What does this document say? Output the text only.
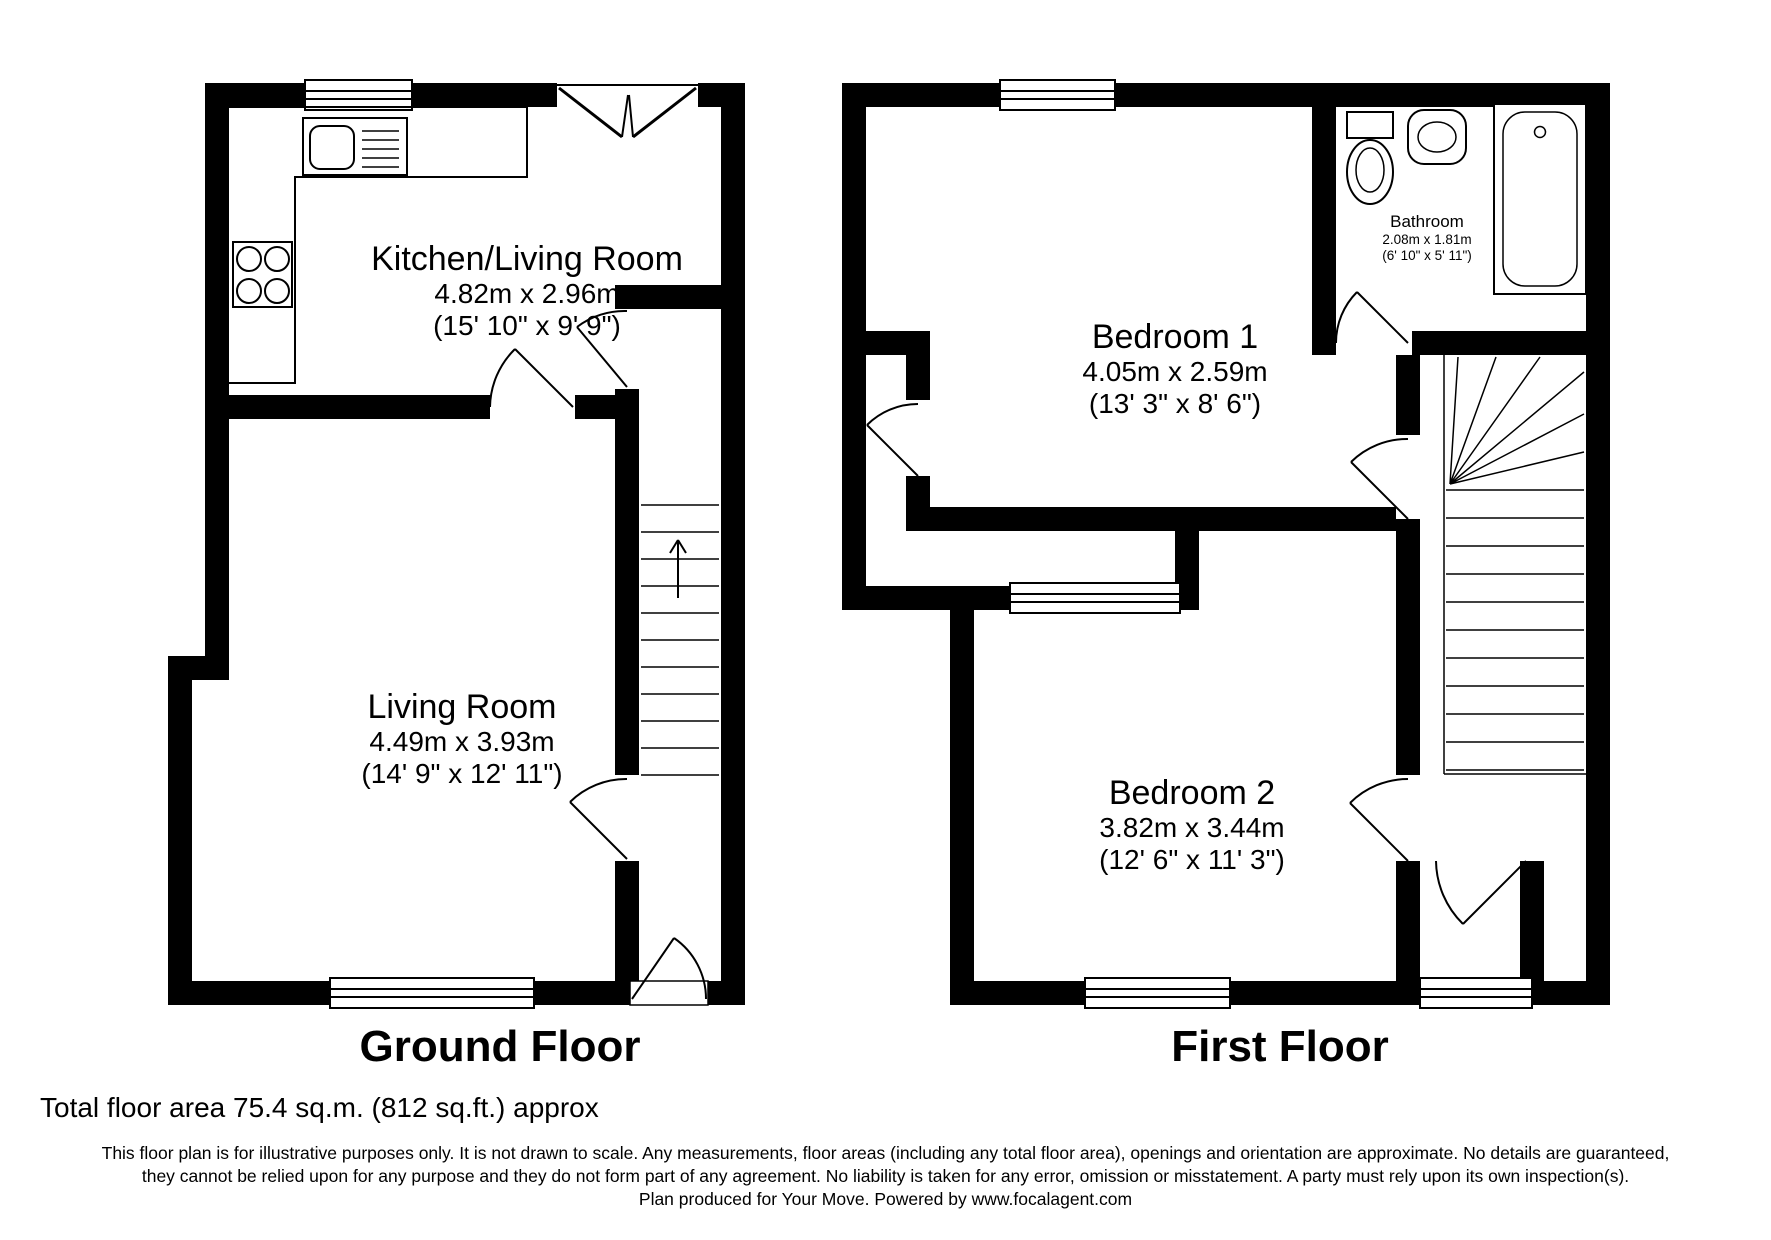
Kitchen/Living Room
4.82m x 2.96m
(15' 10" x 9' 9")
Living Room
4.49m x 3.93m
(14' 9" x 12' 11")
Bedroom 1
4.05m x 2.59m
(13' 3" x 8' 6")
Bathroom
2.08m x 1.81m
(6' 10" x 5' 11")
Bedroom 2
3.82m x 3.44m
(12' 6" x 11' 3")
Ground Floor	First Floor
Total floor area 75.4 sq.m. (812 sq.ft.) approx
This floor plan is for illustrative purposes only. It is not drawn to scale. Any measurements, floor areas (including any total floor area), openings and orientation are approximate. No details are guaranteed,
they cannot be relied upon for any purpose and they do not form part of any agreement. No liability is taken for any error, omission or misstatement. A party must rely upon its own inspection(s).
Plan produced for Your Move. Powered by www.focalagent.com
